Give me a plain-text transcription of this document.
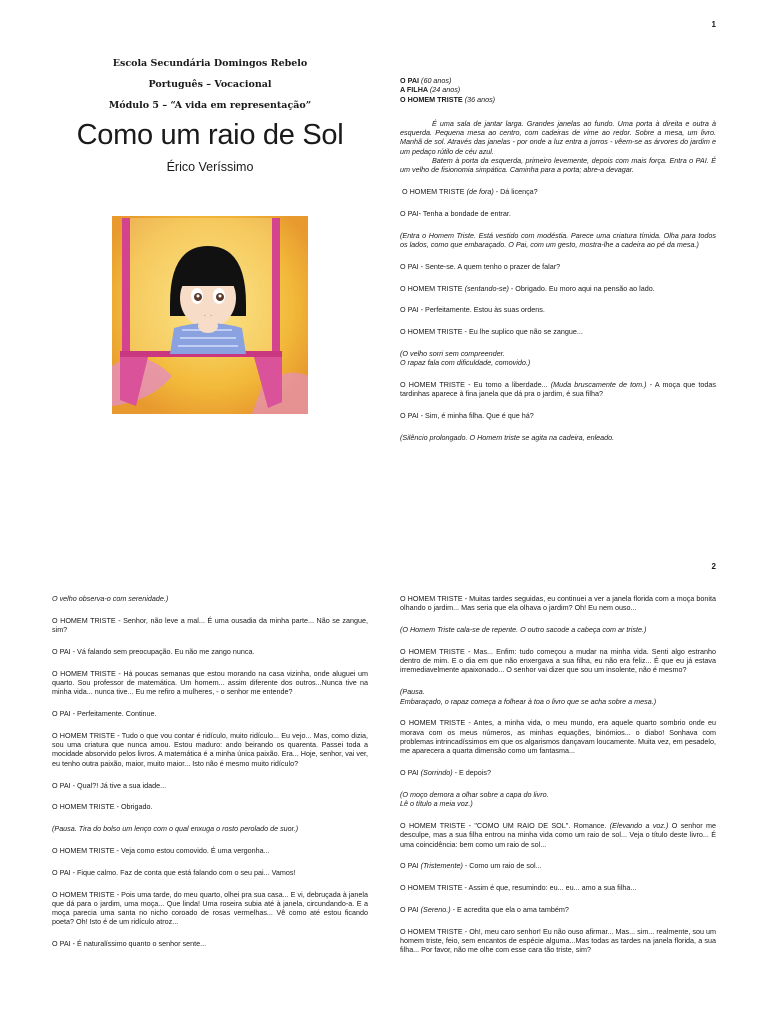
1
Escola Secundária Domingos Rebelo
Português – Vocacional
Módulo 5 – “A vida em representação”
Como um raio de Sol
Érico Veríssimo
O PAI (60 anos)
A FILHA (24 anos)
O HOMEM TRISTE (36 anos)

É uma sala de jantar larga. Grandes janelas ao fundo. Uma porta à direita e outra à esquerda. Pequena mesa ao centro, com cadeiras de vime ao redor. Sobre a mesa, um livro. Manhã de sol. Através das janelas - por onde a luz entra a jorros - vêem-se as árvores do jardim e um pedaço rútilo de céu azul.

Batem à porta da esquerda, primeiro levemente, depois com mais força. Entra o PAI. É um velho de fisionomia simpática. Caminha para a porta; abre-a devagar.

O HOMEM TRISTE (de fora) - Dá licença?

O PAI- Tenha a bondade de entrar.

(Entra o Homem Triste. Está vestido com modéstia. Parece uma criatura tímida. Olha para todos os lados, como que embaraçado. O Pai, com um gesto, mostra-lhe a cadeira ao pé da mesa.)

O PAI - Sente-se. A quem tenho o prazer de falar?

O HOMEM TRISTE (sentando-se) - Obrigado. Eu moro aqui na pensão ao lado.

O PAI - Perfeitamente. Estou às suas ordens.

O HOMEM TRISTE - Eu lhe suplico que não se zangue...

(O velho sorri sem compreender.
O rapaz fala com dificuldade, comovido.)

O HOMEM TRISTE - Eu tomo a liberdade... (Muda bruscamente de tom.) - A moça que todas tardinhas aparece à fina janela que dá pra o jardim, é sua filha?

O PAI - Sim, é minha filha. Que é que há?

(Silêncio prolongado. O Homem triste se agita na cadeira, enleado.

2

O velho observa-o com serenidade.)

O HOMEM TRISTE - Senhor, não leve a mal... É uma ousadia da minha parte... Não se zangue, sim?

O PAI - Vá falando sem preocupação. Eu não me zango nunca.

O HOMEM TRISTE - Há poucas semanas que estou morando na casa vizinha, onde aluguei um quarto. Sou professor de matemática. Um homem... assim diferente dos outros...Nunca tive na minha vida... nunca tive... Eu me refiro a mulheres, - o senhor me entende?

O PAI - Perfeitamente. Continue.

O HOMEM TRISTE - Tudo o que vou contar é ridículo, muito ridículo... Eu vejo... Mas, como dizia, sou uma criatura que nunca amou. Estou maduro: ando beirando os quarenta. Passei toda a mocidade absorvido pelos livros. A matemática é a minha única paixão. Era... Hoje, senhor, vai ver, eu tenho outra paixão, maior, muito maior... Isto não é mesmo muito ridículo?

O PAI - Qual?! Já tive a sua idade...

O HOMEM TRISTE - Obrigado.

(Pausa. Tira do bolso um lenço com o qual enxuga o rosto perolado de suor.)

O HOMEM TRISTE - Veja como estou comovido. É uma vergonha...

O PAI - Fique calmo. Faz de conta que está falando com o seu pai... Vamos!

O HOMEM TRISTE - Pois uma tarde, do meu quarto, olhei pra sua casa... E vi, debruçada à janela que dá para o jardim, uma moça... Que linda! Uma roseira subia até à janela, circundando-a. E a moça parecia uma santa no nicho coroado de rosas vermelhas... Vê como até estou ficando poeta? Oh! Isto é de um ridículo atroz...

O PAI - É naturalíssimo quanto o senhor sente...

O HOMEM TRISTE - Muitas tardes seguidas, eu continuei a ver a janela florida com a moça bonita olhando o jardim... Mas seria que ela olhava o jardim? Oh! Eu nem ouso...

(O Homem Triste cala-se de repente. O outro sacode a cabeça com ar triste.)

O HOMEM TRISTE - Mas... Enfim: tudo começou a mudar na minha vida. Senti algo estranho dentro de mim. E o dia em que não enxergava a sua filha, eu não era feliz... É que eu já estava irremediavelmente apaixonado... O senhor vai dizer que sou um insolente, não é mesmo?

(Pausa.
Embaraçado, o rapaz começa a folhear à toa o livro que se acha sobre a mesa.)

O HOMEM TRISTE - Antes, a minha vida, o meu mundo, era aquele quarto sombrio onde eu morava com os meus números, as minhas equações, binómios... o diabo! Sonhava com problemas intrincadíssimos em que os algarismos dançavam loucamente. Muita vez, em pesadelo, me aparecera a quarta dimensão como um fantasma...

O PAI (Sorrindo) - E depois?

(O moço demora a olhar sobre a capa do livro.
Lê o título a meia voz.)

O HOMEM TRISTE - "COMO UM RAIO DE SOL". Romance. (Elevando a voz.) O senhor me desculpe, mas a sua filha entrou na minha vida como um raio de sol... Veja o título deste livro... É uma coincidência: bem como um raio de sol...

O PAI (Tristemente) - Como um raio de sol...

O HOMEM TRISTE - Assim é que, resumindo: eu... eu... amo a sua filha...

O PAI (Sereno.) - E acredita que ela o ama também?

O HOMEM TRISTE - Oh!, meu caro senhor! Eu não ouso afirmar... Mas... sim... realmente, sou um homem triste, feio, sem encantos de espécie alguma...Mas todas as tardes na janela florida, a sua filha... Por favor, não me olhe com esse cara tão triste, sim?
